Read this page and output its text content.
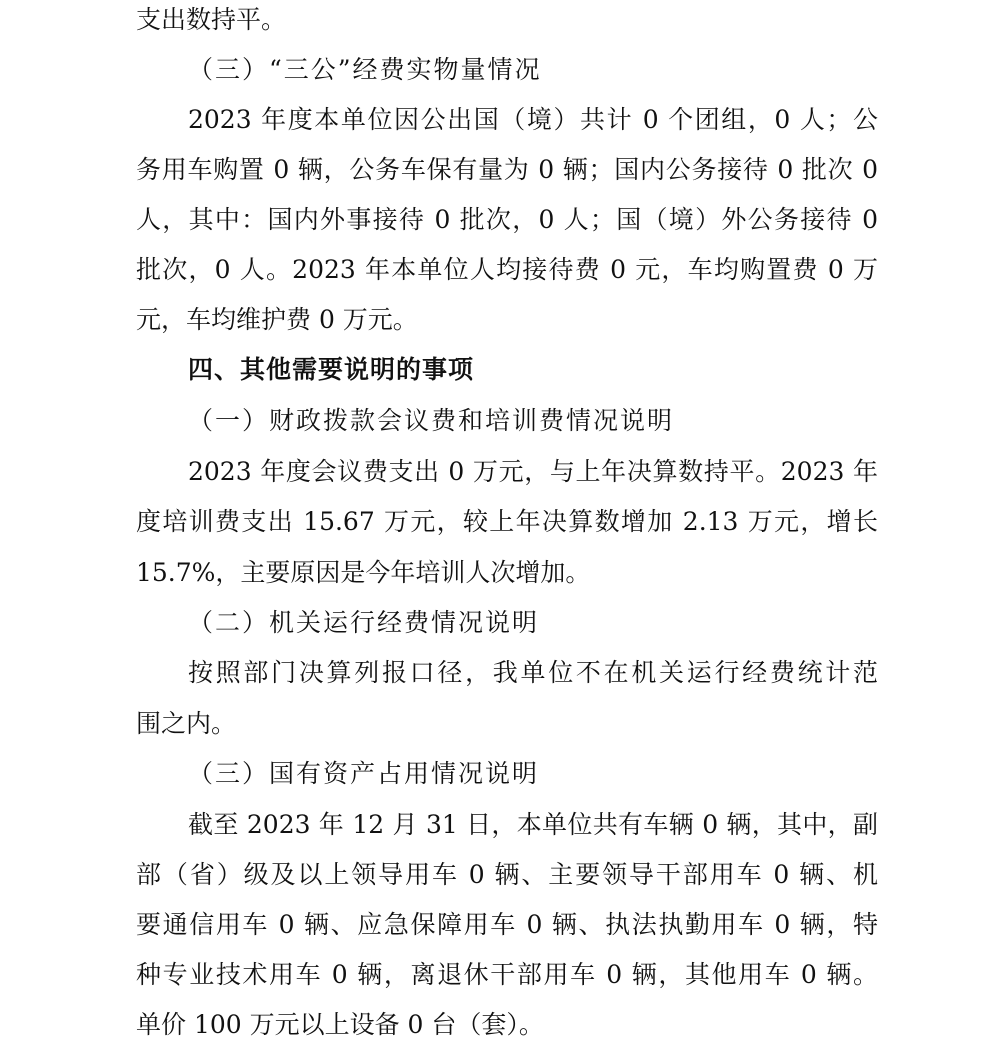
支出数持平。
（三）“三公”经费实物量情况
2023 年度本单位因公出国（境）共计 0 个团组，0 人；公
务用车购置 0 辆，公务车保有量为 0 辆；国内公务接待 0 批次 0
人，其中：国内外事接待 0 批次，0 人；国（境）外公务接待 0
批次，0 人。2023 年本单位人均接待费 0 元，车均购置费 0 万
元，车均维护费 0 万元。
四、其他需要说明的事项
（一）财政拨款会议费和培训费情况说明
2023 年度会议费支出 0 万元，与上年决算数持平。2023 年
度培训费支出 15.67 万元，较上年决算数增加 2.13 万元，增长
15.7%，主要原因是今年培训人次增加。
（二）机关运行经费情况说明
按照部门决算列报口径，我单位不在机关运行经费统计范
围之内。
（三）国有资产占用情况说明
截至 2023 年 12 月 31 日，本单位共有车辆 0 辆，其中，副
部（省）级及以上领导用车 0 辆、主要领导干部用车 0 辆、机
要通信用车 0 辆、应急保障用车 0 辆、执法执勤用车 0 辆，特
种专业技术用车 0 辆，离退休干部用车 0 辆，其他用车 0 辆。
单价 100 万元以上设备 0 台（套）。
